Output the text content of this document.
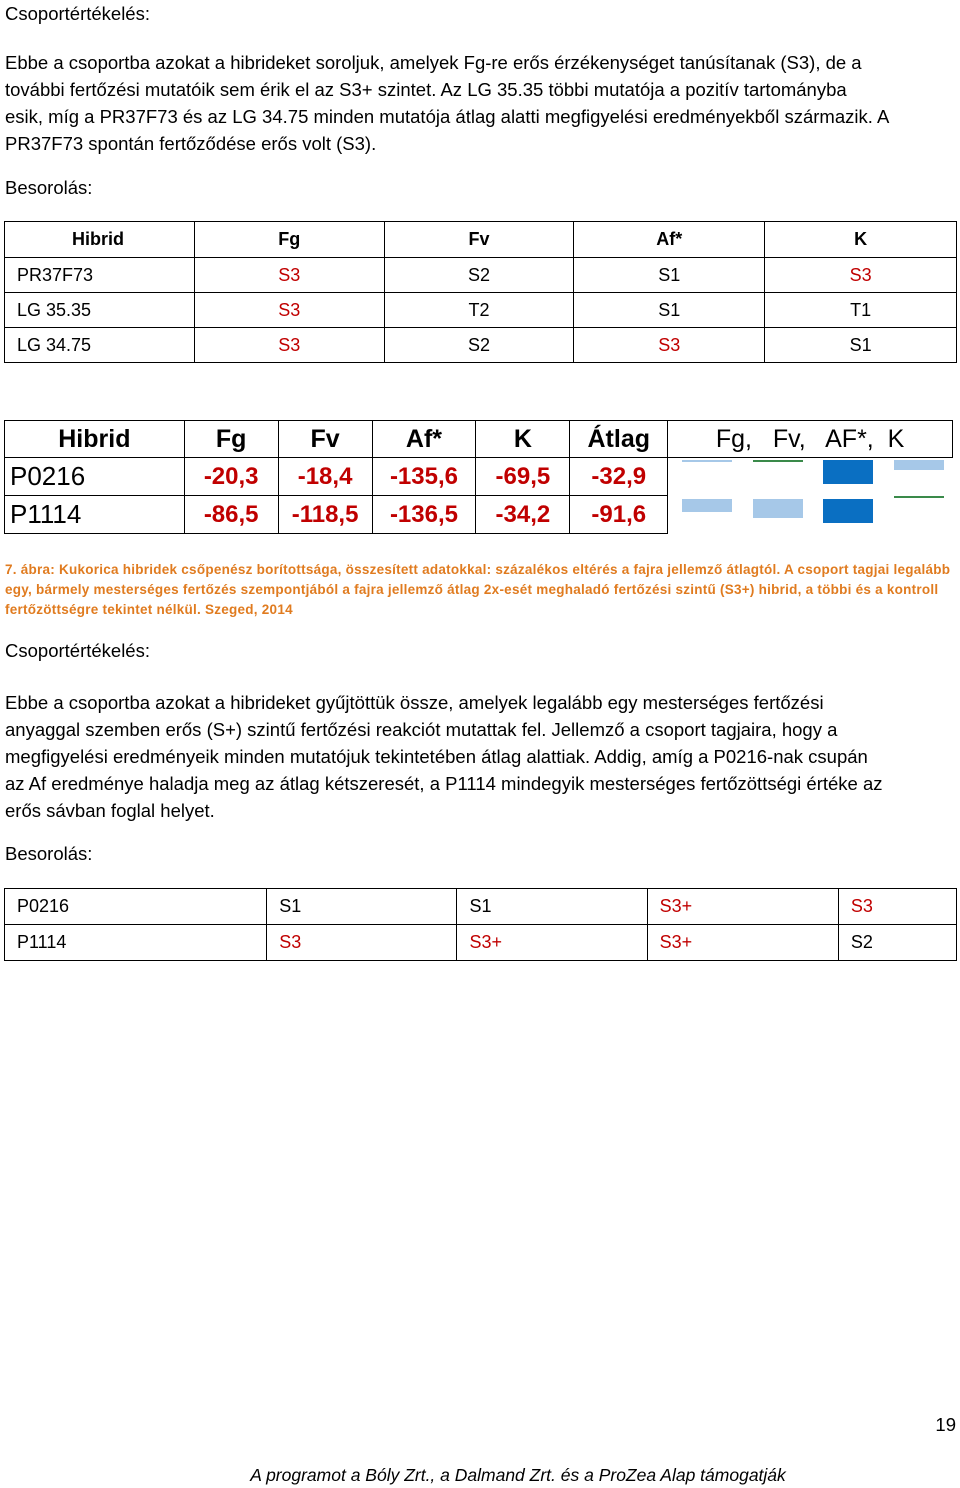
Csoportértékelés:

Ebbe a csoportba azokat a hibrideket soroljuk, amelyek Fg-re erős érzékenységet tanúsítanak (S3), de a
további fertőzési mutatóik sem érik el az S3+ szintet. Az LG 35.35 többi mutatója a pozitív tartományba
esik, míg a PR37F73 és az LG 34.75 minden mutatója átlag alatti megfigyelési eredményekből származik. A
PR37F73 spontán fertőződése erős volt (S3).

Besorolás:

Hibrid	Fg	Fv	Af*	K
PR37F73	S3	S2	S1	S3
LG 35.35	S3	T2	S1	T1
LG 34.75	S3	S2	S3	S1
Hibrid	Fg	Fv	Af*	K	Átlag	Fg,   Fv,   AF*,  K
P0216	-20,3	-18,4	-135,6	-69,5	-32,9	

P1114	-86,5	-118,5	-136,5	-34,2	-91,6	

7. ábra: Kukorica hibridek csőpenész borítottsága, összesített adatokkal: százalékos eltérés a fajra jellemző átlagtól. A csoport tagjai legalább egy, bármely mesterséges fertőzés szempontjából a fajra jellemző átlag 2x-esét meghaladó fertőzési szintű (S3+) hibrid, a többi és a kontroll fertőzöttségre tekintet nélkül. Szeged, 2014

Csoportértékelés:

Ebbe a csoportba azokat a hibrideket gyűjtöttük össze, amelyek legalább egy mesterséges fertőzési
anyaggal szemben erős (S+) szintű fertőzési reakciót mutattak fel. Jellemző a csoport tagjaira, hogy a
megfigyelési eredményeik minden mutatójuk tekintetében átlag alattiak. Addig, amíg a P0216-nak csupán
az Af eredménye haladja meg az átlag kétszeresét, a P1114 mindegyik mesterséges fertőzöttségi értéke az
erős sávban foglal helyet.

Besorolás:

P0216	S1	S1	S3+	S3
P1114	S3	S3+	S3+	S2
19
A programot a Bóly Zrt., a Dalmand Zrt. és a ProZea Alap támogatják
